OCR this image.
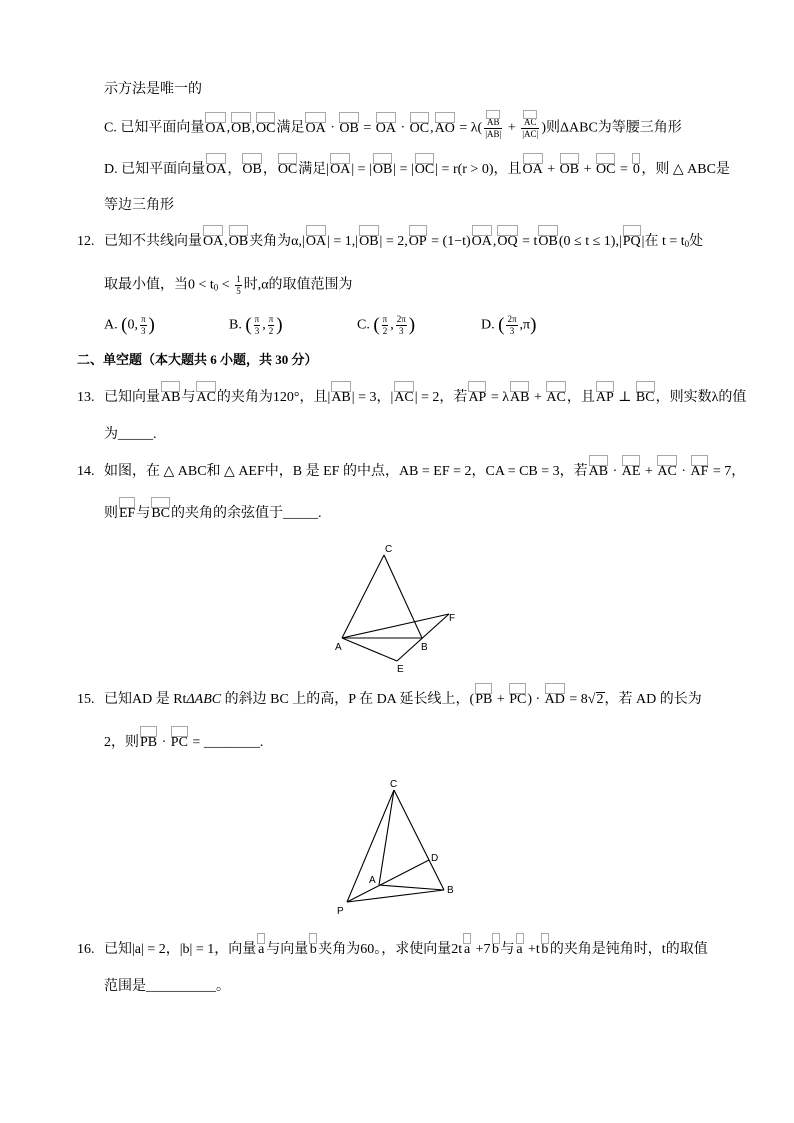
示方法是唯一的
C. 已知平面向量OA,OB,OC满足OA · OB = OA · $OC,AO = \lambda( \frac{AB}{|AB|} + \frac{AC}{|AC|}$ )则ΔABC为等腰三角形
D. 已知平面向量OA，OB，OC满足|OA| = |OB| = |OC| = r(r > 0)，且OA + OB + OC = 0 ，则 △ ABC是
等边三角形
12. 已知不共线向量OA,OB夹角为α,|OA| = 1,|OB| = 2,OP = (1−t)OA,OQ = tOB(0 ≤ t ≤ 1),|PQ|在 $t = t_0$处
取最小值，当$0 < t_0 < \frac{1}{5}$ 时,α的取值范围为
A. (0, $\frac{\pi}{3}$ )	B. ( $\frac{\pi}{3}$ , $\frac{\pi}{2}$ )	C. ( $\frac{\pi}{2}$ , $\frac{2\pi}{3}$ )	D. ( $\frac{2\pi}{3} ,\pi$)
二、单空题（本大题共 6 小题，共 30 分）
13. 已知向量AB与AC的夹角为120°，且|AB| = 3，|AC| = 2，若AP = λAB + AC，且AP ⊥ BC，则实数λ的值
为_____.
14. 如图，在 △ ABC和 △ AEF中，B 是 EF 的中点，AB = EF = 2，CA = CB = 3，若AB · AE + AC · AF = 7，
则EF与BC的夹角的余弦值于_____.
C
A	B
F
E
15. 已知AD 是 RtΔABC 的斜边 BC 上的高，P 在 DA 延长线上，(PB + PC) · AD = 8√2，若 AD 的长为
2，则PB · PC = ________.
C
D
A
B
P
16. 已知|a| = 2，|b| = 1，向量 a 与向量 b 夹角为60。，求使向量2t a +7 b 与 a +t b 的夹角是钝角时，t的取值
范围是__________。
